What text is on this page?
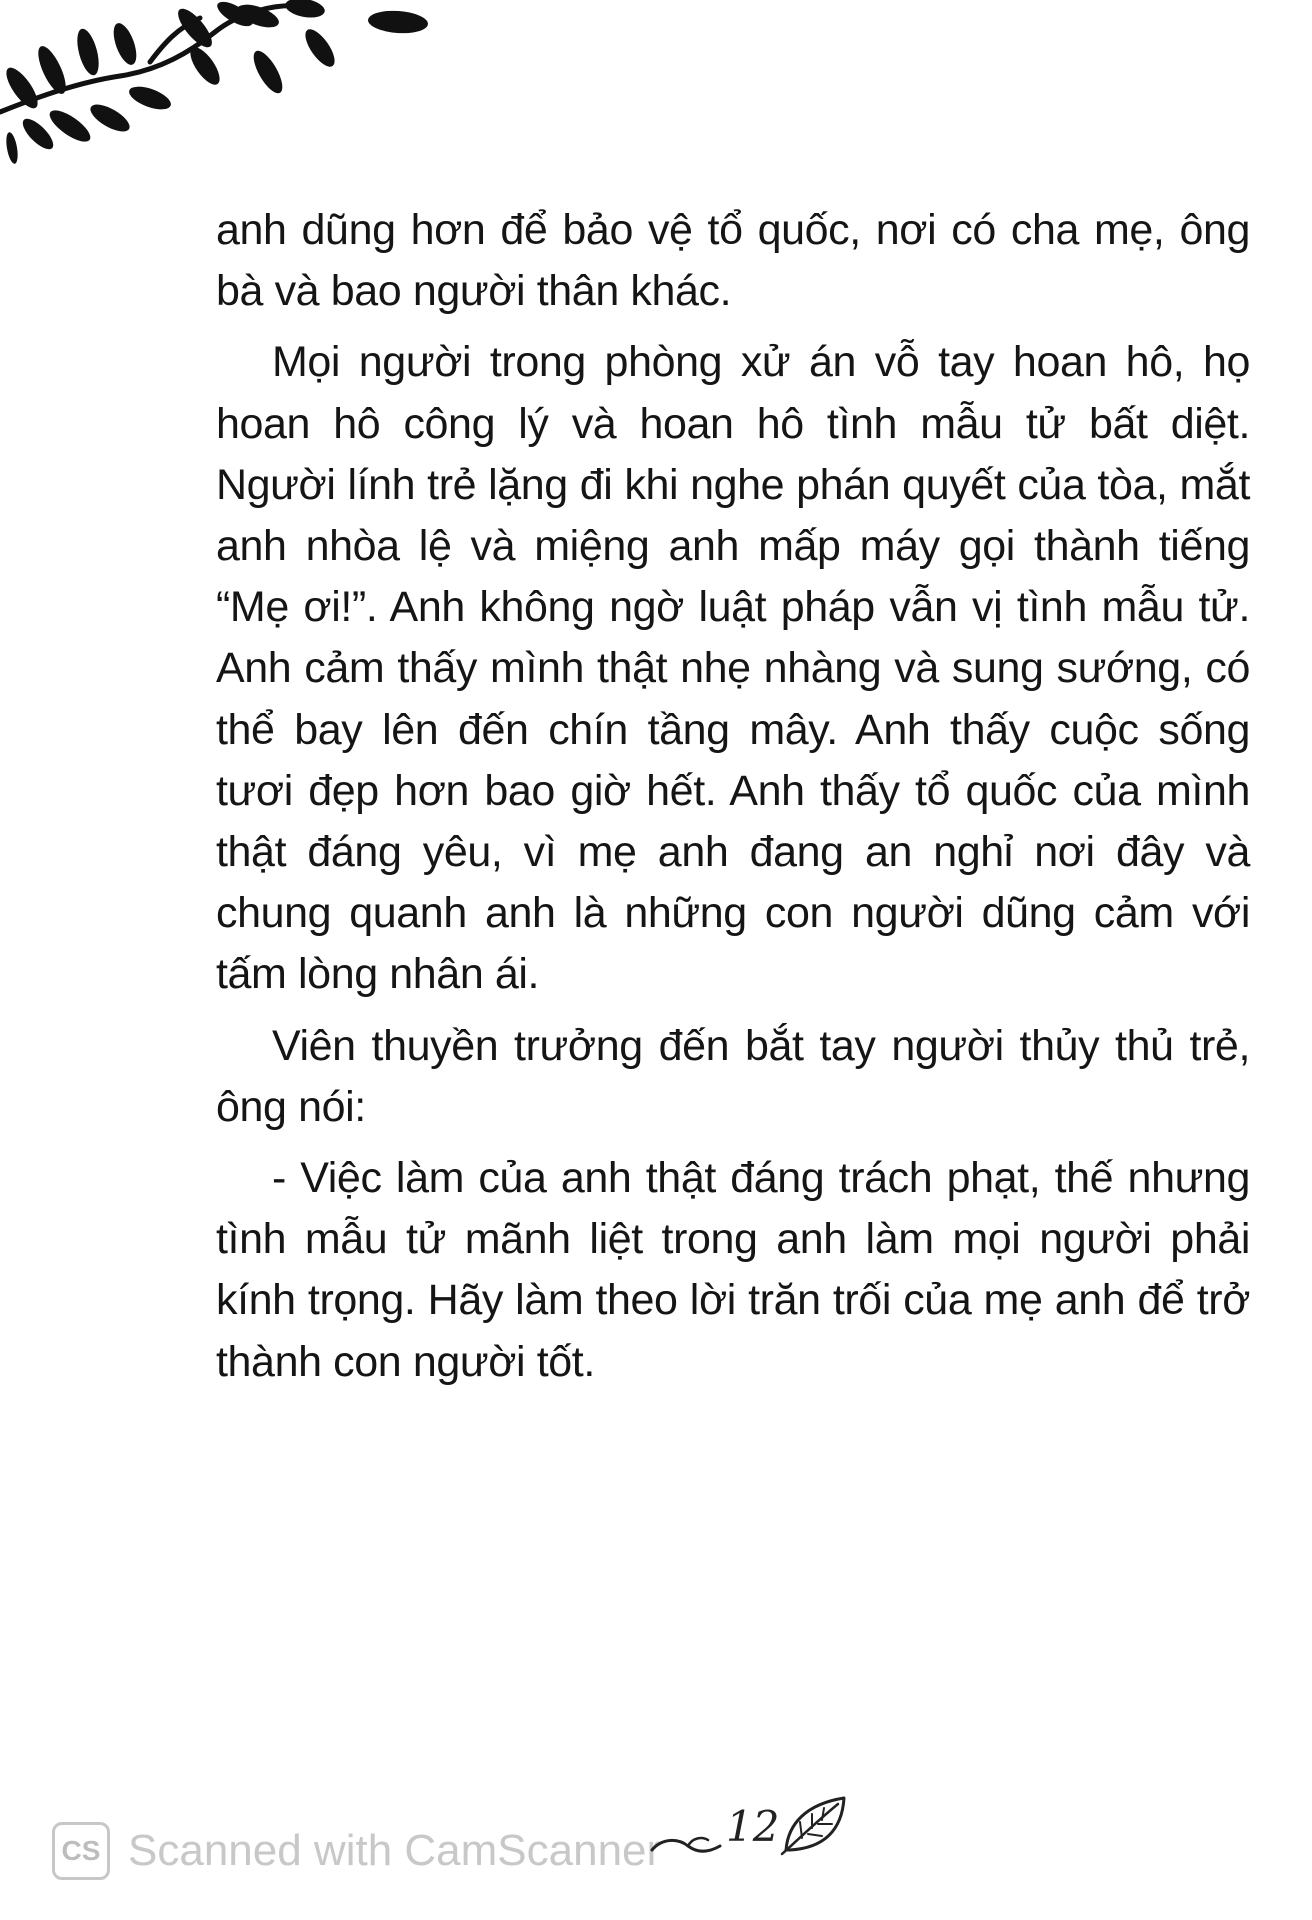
anh dũng hơn để bảo vệ tổ quốc, nơi có cha mẹ, ông bà và bao người thân khác.

Mọi người trong phòng xử án vỗ tay hoan hô, họ hoan hô công lý và hoan hô tình mẫu tử bất diệt. Người lính trẻ lặng đi khi nghe phán quyết của tòa, mắt anh nhòa lệ và miệng anh mấp máy gọi thành tiếng “Mẹ ơi!”. Anh không ngờ luật pháp vẫn vị tình mẫu tử. Anh cảm thấy mình thật nhẹ nhàng và sung sướng, có thể bay lên đến chín tầng mây. Anh thấy cuộc sống tươi đẹp hơn bao giờ hết. Anh thấy tổ quốc của mình thật đáng yêu, vì mẹ anh đang an nghỉ nơi đây và chung quanh anh là những con người dũng cảm với tấm lòng nhân ái.

Viên thuyền trưởng đến bắt tay người thủy thủ trẻ, ông nói:

- Việc làm của anh thật đáng trách phạt, thế nhưng tình mẫu tử mãnh liệt trong anh làm mọi người phải kính trọng. Hãy làm theo lời trăn trối của mẹ anh để trở thành con người tốt.

CS Scanned with CamScanner 12
